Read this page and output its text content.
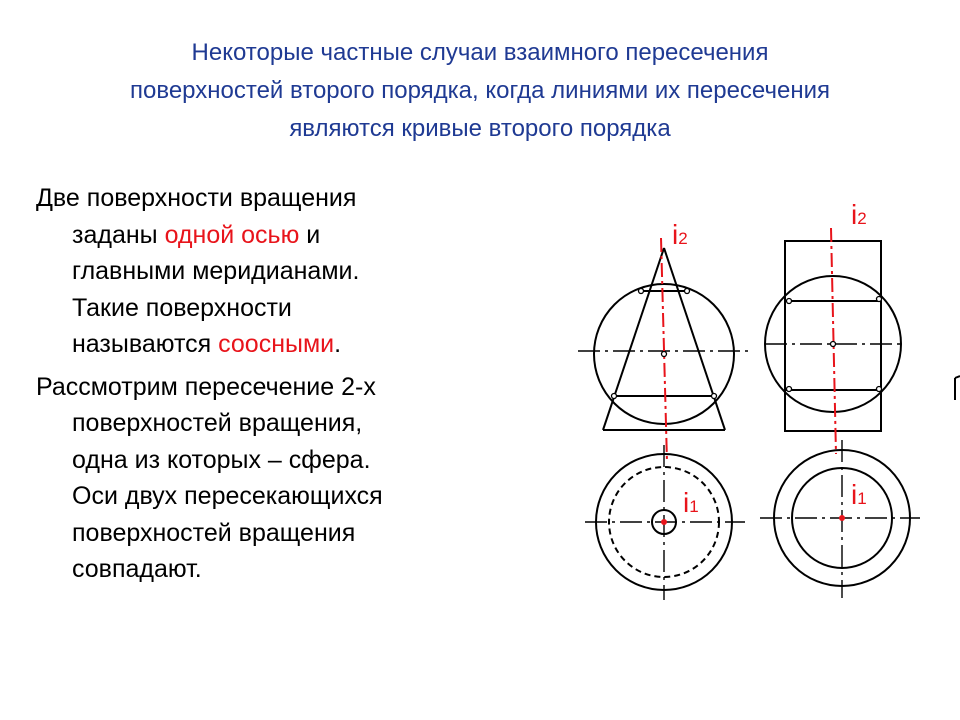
Некоторые частные случаи взаимного пересечения
поверхностей второго порядка, когда линиями их пересечения
являются кривые второго порядка
Две поверхности вращения
заданы одной осью и
главными меридианами.
Такие поверхности
называются соосными.
Рассмотрим пересечение 2-х
поверхностей вращения,
одна из которых – сфера.
Оси двух пересекающихся
поверхностей вращения
совпадают.
i2
i2
i1	i1
